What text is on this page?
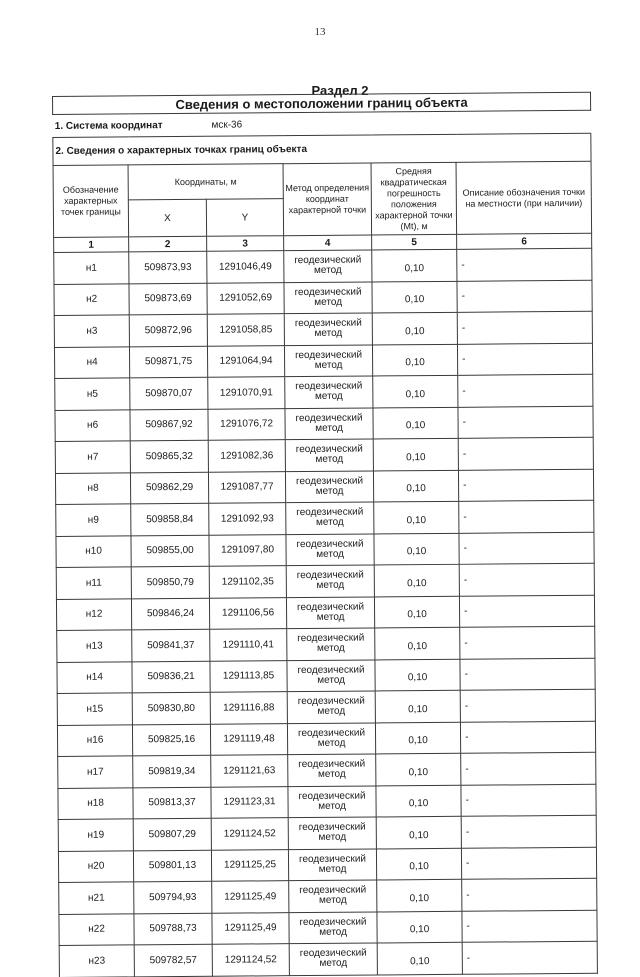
13
Раздел 2
Сведения о местоположении границ объекта					
1. Система координат мск-36					
2. Сведения о характерных точках границ объекта					
Обозначение характерных точек границы	Координаты, м		Метод определения координат характерной точки	Средняя квадратическая погрешность положения характерной точки (Mt), м	Описание обозначения точки на местности (при наличии)
	X	Y			
1	2	3	4	5	6
н1	509873,93	1291046,49	геодезический метод	0,10	-
н2	509873,69	1291052,69	геодезический метод	0,10	-
н3	509872,96	1291058,85	геодезический метод	0,10	-
н4	509871,75	1291064,94	геодезический метод	0,10	-
н5	509870,07	1291070,91	геодезический метод	0,10	-
н6	509867,92	1291076,72	геодезический метод	0,10	-
н7	509865,32	1291082,36	геодезический метод	0,10	-
н8	509862,29	1291087,77	геодезический метод	0,10	-
н9	509858,84	1291092,93	геодезический метод	0,10	-
н10	509855,00	1291097,80	геодезический метод	0,10	-
н11	509850,79	1291102,35	геодезический метод	0,10	-
н12	509846,24	1291106,56	геодезический метод	0,10	-
н13	509841,37	1291110,41	геодезический метод	0,10	-
н14	509836,21	1291113,85	геодезический метод	0,10	-
н15	509830,80	1291116,88	геодезический метод	0,10	-
н16	509825,16	1291119,48	геодезический метод	0,10	-
н17	509819,34	1291121,63	геодезический метод	0,10	-
н18	509813,37	1291123,31	геодезический метод	0,10	-
н19	509807,29	1291124,52	геодезический метод	0,10	-
н20	509801,13	1291125,25	геодезический метод	0,10	-
н21	509794,93	1291125,49	геодезический метод	0,10	-
н22	509788,73	1291125,49	геодезический метод	0,10	-
н23	509782,57	1291124,52	геодезический метод	0,10	-
